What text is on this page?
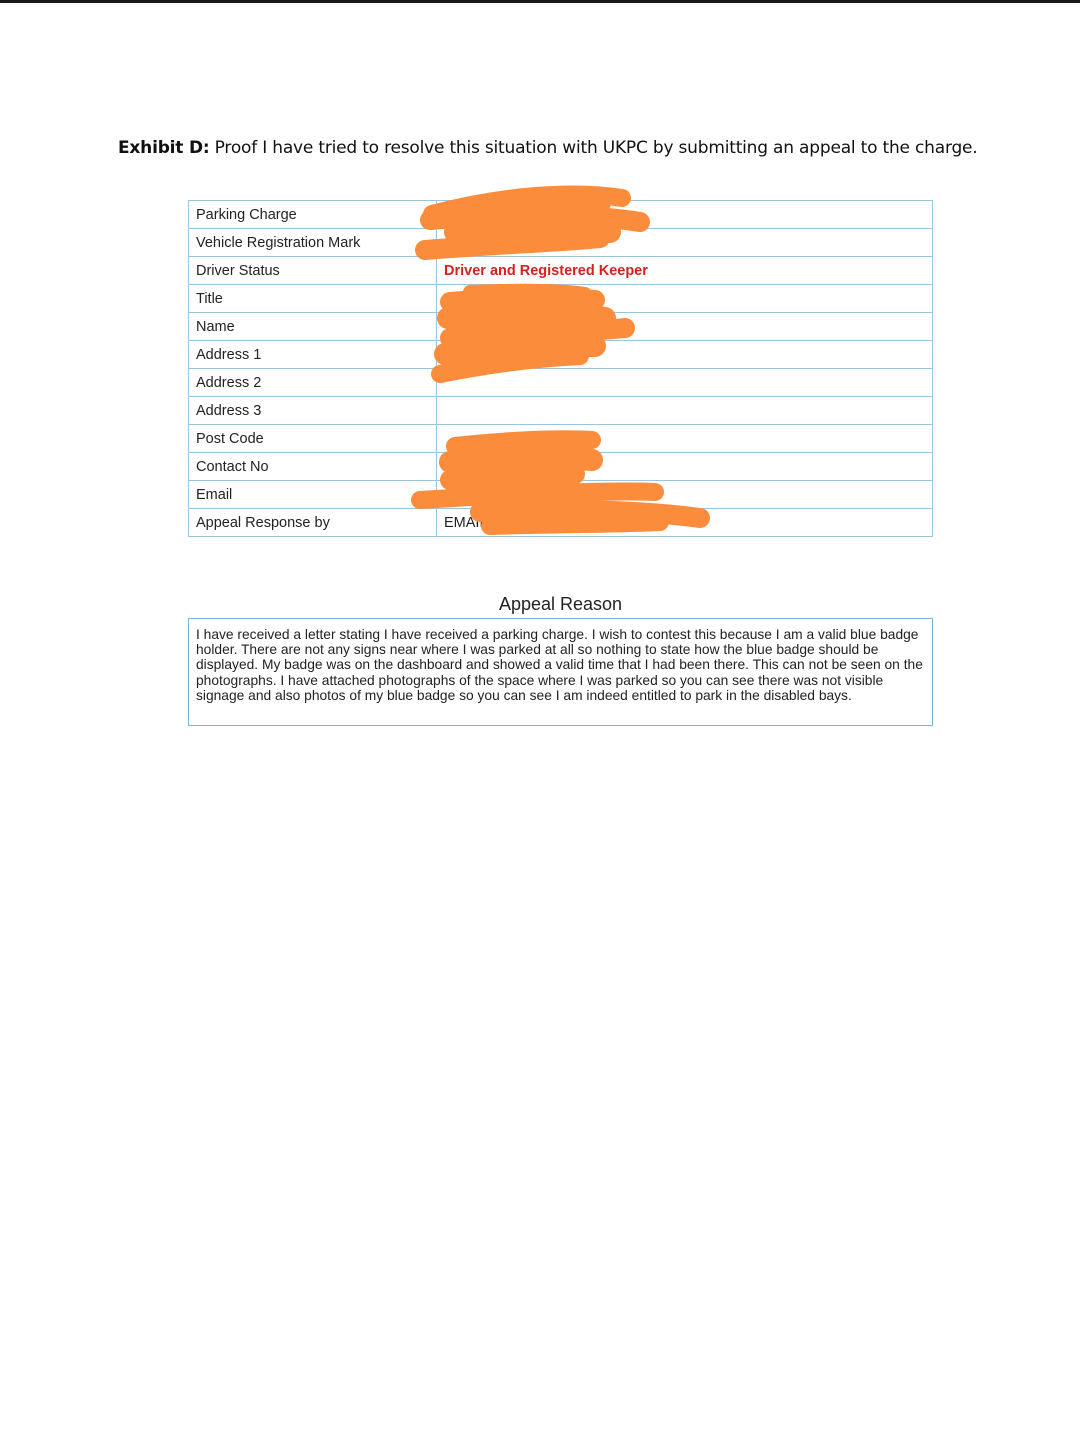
Exhibit D: Proof I have tried to resolve this situation with UKPC by submitting an appeal to the charge.
Parking Charge	
Vehicle Registration Mark	
Driver Status	Driver and Registered Keeper
Title	
Name	
Address 1	
Address 2	
Address 3	
Post Code	
Contact No	
Email	
Appeal Response by	EMAIL
Appeal Reason
I have received a letter stating I have received a parking charge. I wish to contest this because I am a valid blue badge holder. There are not any signs near where I was parked at all so nothing to state how the blue badge should be displayed. My badge was on the dashboard and showed a valid time that I had been there. This can not be seen on the photographs. I have attached photographs of the space where I was parked so you can see there was not visible signage and also photos of my blue badge so you can see I am indeed entitled to park in the disabled bays.
